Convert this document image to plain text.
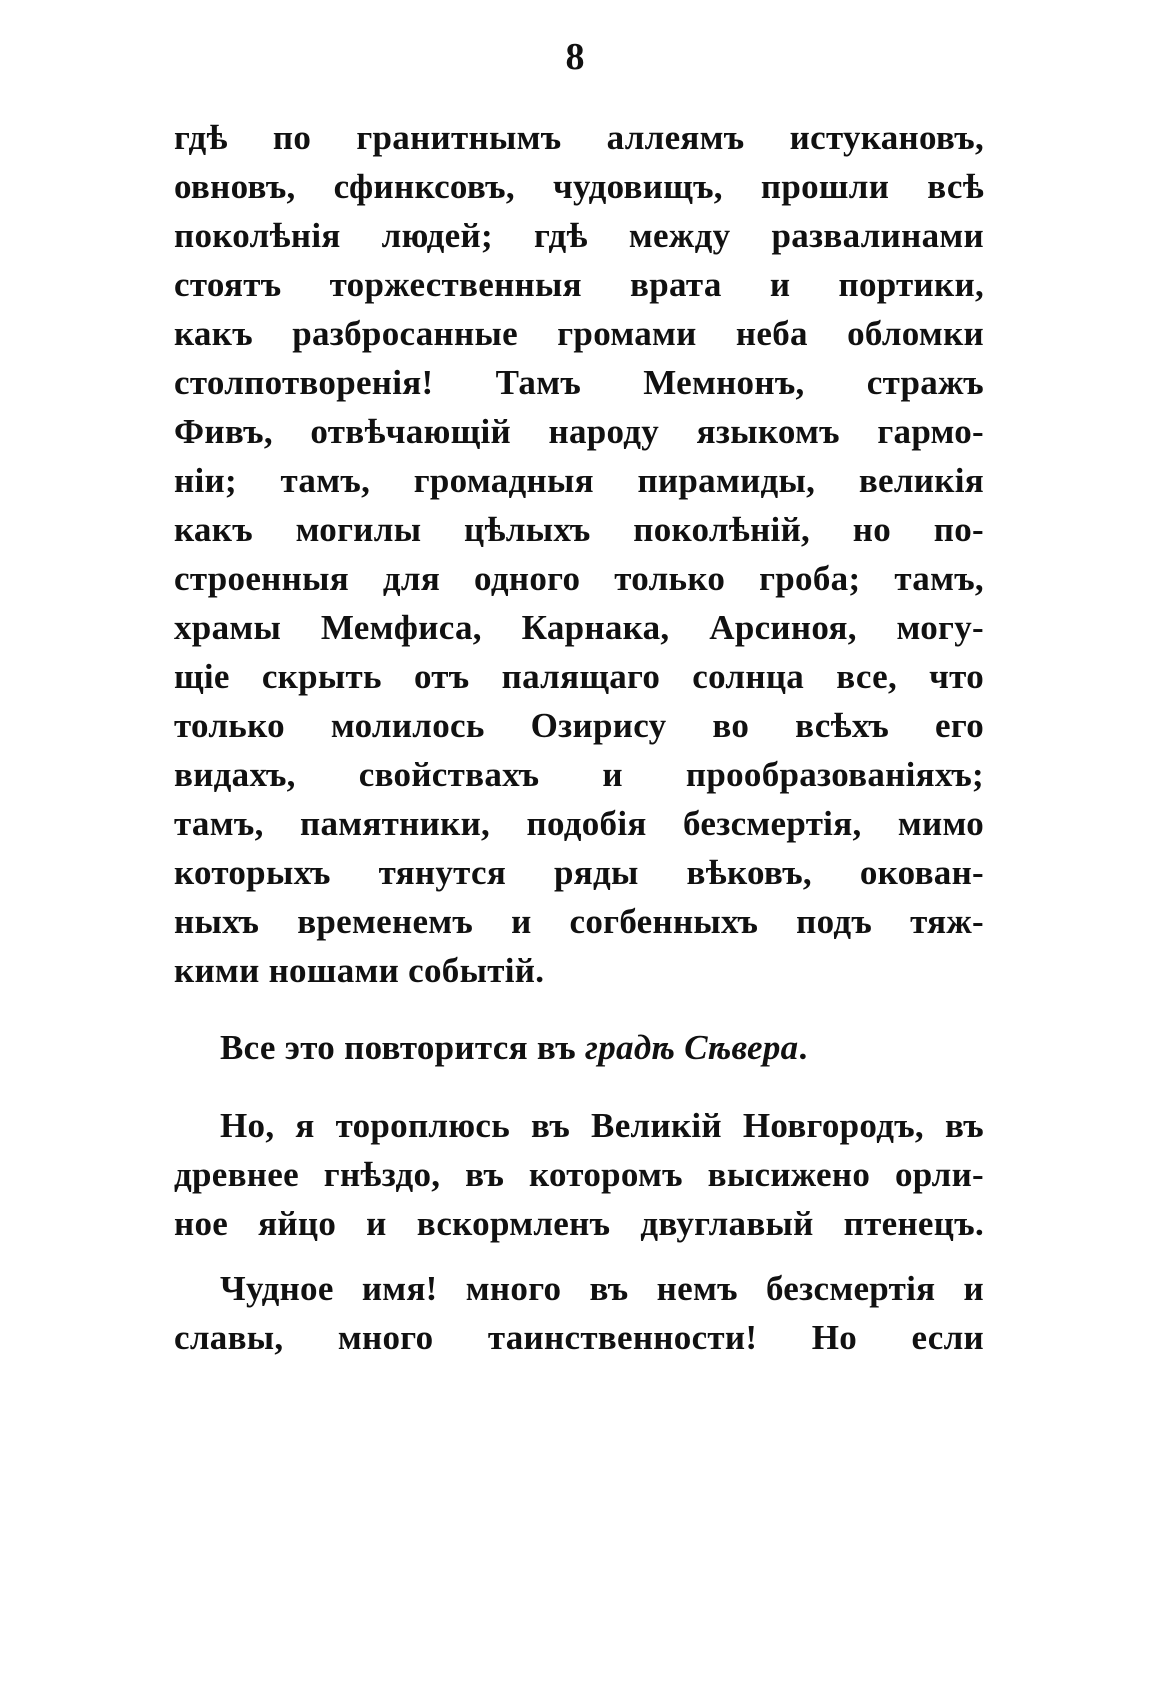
8
гдѣ по гранитнымъ аллеямъ истукановъ,
овновъ, сфинксовъ, чудовищъ, прошли всѣ
поколѣнія людей; гдѣ между развалинами
стоятъ торжественныя врата и портики,
какъ разбросанные громами неба обломки
столпотворенія! Тамъ Мемнонъ, стражъ
Фивъ, отвѣчающій народу языкомъ гармо-
ніи; тамъ, громадныя пирамиды, великія
какъ могилы цѣлыхъ поколѣній, но по-
строенныя для одного только гроба; тамъ,
храмы Мемфиса, Карнака, Арсиноя, могу-
щіе скрыть отъ палящаго солнца все, что
только молилось Озирису во всѣхъ его
видахъ, свойствахъ и прообразованіяхъ;
тамъ, памятники, подобія безсмертія, мимо
которыхъ тянутся ряды вѣковъ, окован-
ныхъ временемъ и согбенныхъ подъ тяж-
кими ношами событій.
Все это повторится въ градѣ Сѣвера.
Но, я тороплюсь въ Великій Новгородъ, въ
древнее гнѣздо, въ которомъ высижено орли-
ное яйцо и вскормленъ двуглавый птенецъ.
Чудное имя! много въ немъ безсмертія и
славы, много таинственности! Но если
